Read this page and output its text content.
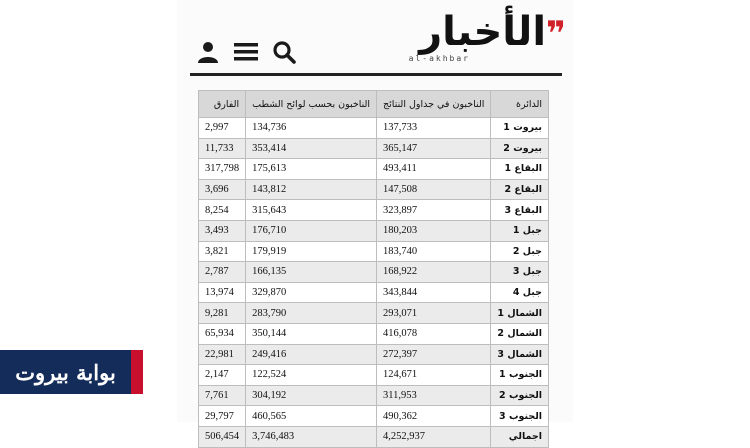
❞الأخبار
al-akhbar
الدائرة	الناخبون في جداول النتائج	الناخبون بحسب لوائح الشطب	الفارق
بيروت 1	137,733	134,736	2,997
بيروت 2	365,147	353,414	11,733
البقاع 1	493,411	175,613	317,798
البقاع 2	147,508	143,812	3,696
البقاع 3	323,897	315,643	8,254
جبل 1	180,203	176,710	3,493
جبل 2	183,740	179,919	3,821
جبل 3	168,922	166,135	2,787
جبل 4	343,844	329,870	13,974
الشمال 1	293,071	283,790	9,281
الشمال 2	416,078	350,144	65,934
الشمال 3	272,397	249,416	22,981
الجنوب 1	124,671	122,524	2,147
الجنوب 2	311,953	304,192	7,761
الجنوب 3	490,362	460,565	29,797
اجمالي	4,252,937	3,746,483	506,454
بوابة بيروت
